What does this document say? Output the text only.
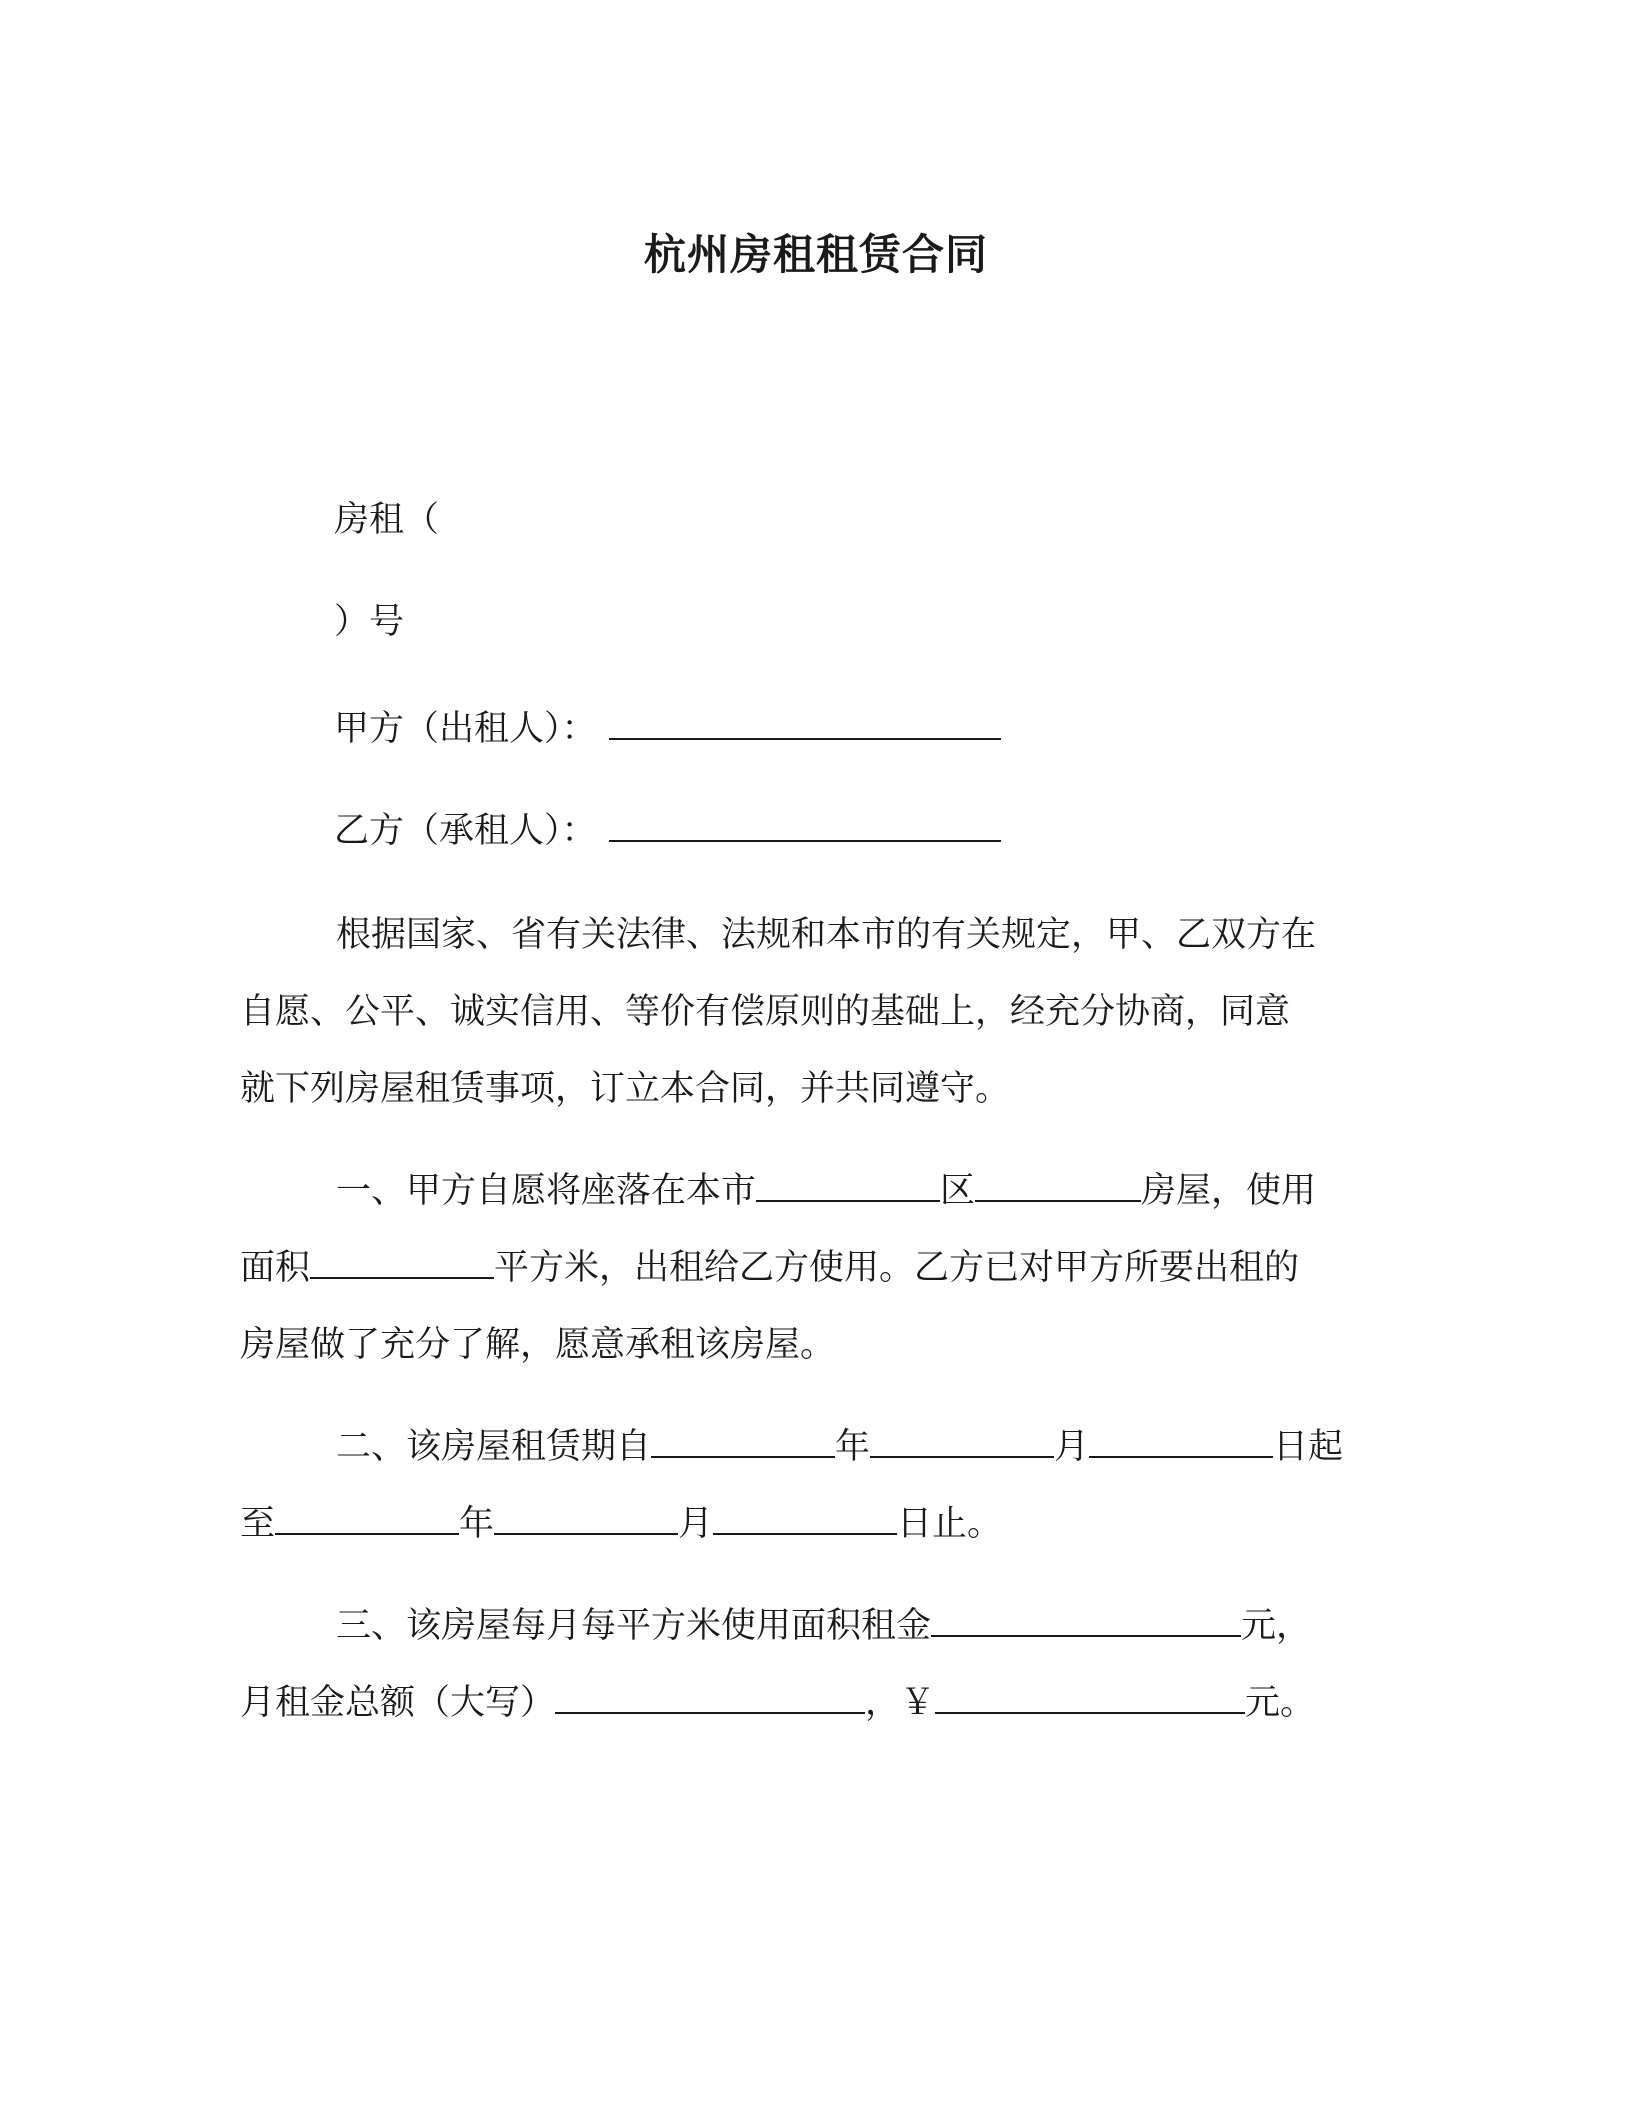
杭州房租租赁合同

房租（

）号

甲方（出租人）：

乙方（承租人）：

根据国家、省有关法律、法规和本市的有关规定，甲、乙双方在
自愿、公平、诚实信用、等价有偿原则的基础上，经充分协商，同意
就下列房屋租赁事项，订立本合同，并共同遵守。
一、甲方自愿将座落在本市	区	房屋，使用
面积	平方米，出租给乙方使用。乙方已对甲方所要出租的
房屋做了充分了解，愿意承租该房屋。
二、该房屋租赁期自	年	月	日起
至	年	月	日止。
三、该房屋每月每平方米使用面积租金	元，
月租金总额（大写）	，￥	元。
